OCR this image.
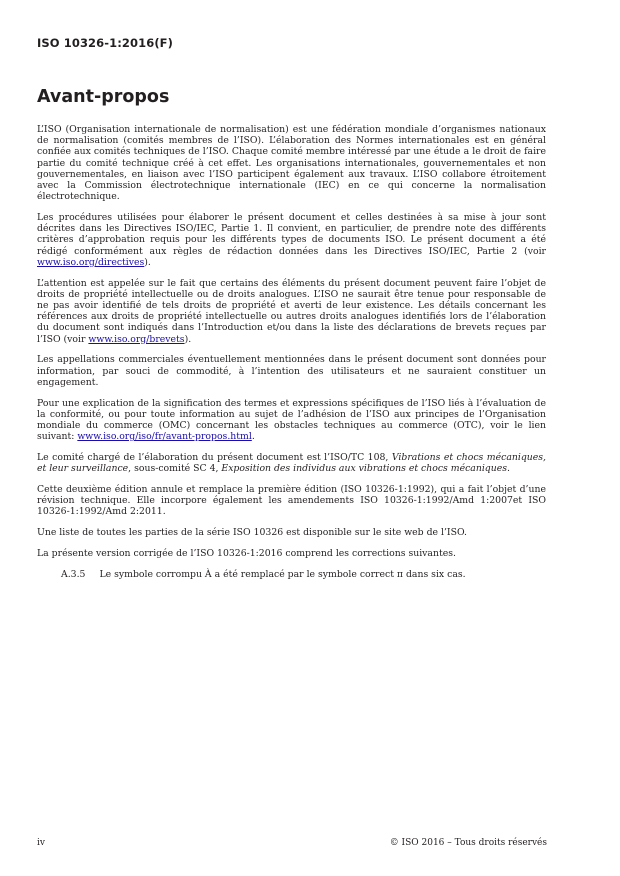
ISO 10326-1:2016(F)
Avant-propos

L’ISO (Organisation internationale de normalisation) est une fédération mondiale d’organismes nationaux de normalisation (comités membres de l’ISO). L’élaboration des Normes internationales est en général confiée aux comités techniques de l’ISO. Chaque comité membre intéressé par une étude a le droit de faire partie du comité technique créé à cet effet. Les organisations internationales, gouvernementales et non gouvernementales, en liaison avec l’ISO participent également aux travaux. L’ISO collabore étroitement avec la Commission électrotechnique internationale (IEC) en ce qui concerne la normalisation électrotechnique.

Les procédures utilisées pour élaborer le présent document et celles destinées à sa mise à jour sont décrites dans les Directives ISO/IEC, Partie 1. Il convient, en particulier, de prendre note des différents critères d’approbation requis pour les différents types de documents ISO. Le présent document a été rédigé conformément aux règles de rédaction données dans les Directives ISO/IEC, Partie 2 (voir www.iso.org/directives).

L’attention est appelée sur le fait que certains des éléments du présent document peuvent faire l’objet de droits de propriété intellectuelle ou de droits analogues. L’ISO ne saurait être tenue pour responsable de ne pas avoir identifié de tels droits de propriété et averti de leur existence. Les détails concernant les références aux droits de propriété intellectuelle ou autres droits analogues identifiés lors de l’élaboration du document sont indiqués dans l’Introduction et/ou dans la liste des déclarations de brevets reçues par l’ISO (voir www.iso.org/brevets).

Les appellations commerciales éventuellement mentionnées dans le présent document sont données pour information, par souci de commodité, à l’intention des utilisateurs et ne sauraient constituer un engagement.

Pour une explication de la signification des termes et expressions spécifiques de l’ISO liés à l’évaluation de la conformité, ou pour toute information au sujet de l’adhésion de l’ISO aux principes de l’Organisation mondiale du commerce (OMC) concernant les obstacles techniques au commerce (OTC), voir le lien suivant: www.iso.org/iso/fr/avant-propos.html.

Le comité chargé de l’élaboration du présent document est l’ISO/TC 108, Vibrations et chocs mécaniques, et leur surveillance, sous-comité SC 4, Exposition des individus aux vibrations et chocs mécaniques.

Cette deuxième édition annule et remplace la première édition (ISO 10326-1:1992), qui a fait l’objet d’une révision technique. Elle incorpore également les amendements ISO 10326-1:1992/Amd 1:2007et ISO 10326-1:1992/Amd 2:2011.

Une liste de toutes les parties de la série ISO 10326 est disponible sur le site web de l’ISO.

La présente version corrigée de l’ISO 10326-1:2016 comprend les corrections suivantes.

A.3.5 Le symbole corrompu À a été remplacé par le symbole correct π dans six cas.
iv	© ISO 2016 – Tous droits réservés
